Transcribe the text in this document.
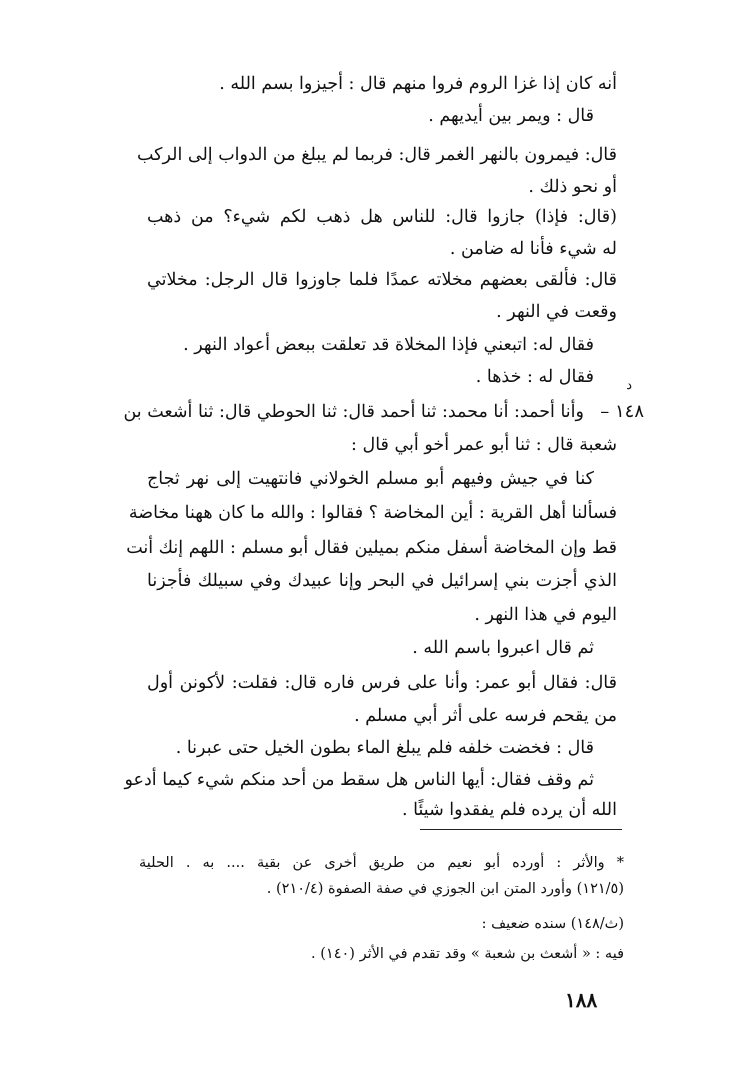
أنه كان إذا غزا الروم فروا منهم قال : أجيزوا بسم الله .
قال : ويمر بين أيديهم .
قال: فيمرون بالنهر الغمر قال: فربما لم يبلغ من الدواب إلى الركب
أو نحو ذلك .
(قال: فإذا) جازوا قال: للناس هل ذهب لكم شيء؟ من ذهب
له شيء فأنا له ضامن .
قال: فألقى بعضهم مخلاته عمدًا فلما جاوزوا قال الرجل: مخلاتي
وقعت في النهر .
فقال له: اتبعني فإذا المخلاة قد تعلقت ببعض أعواد النهر .
فقال له : خذها . د
١٤٨ –
وأنا أحمد: أنا محمد: ثنا أحمد قال: ثنا الحوطي قال: ثنا أشعث بن
شعبة قال : ثنا أبو عمر أخو أبي قال :
كنا في جيش وفيهم أبو مسلم الخولاني فانتهيت إلى نهر ثجاج
فسألنا أهل القرية : أين المخاضة ؟ فقالوا : والله ما كان ههنا مخاضة
قط وإن المخاضة أسفل منكم بميلين فقال أبو مسلم : اللهم إنك أنت
الذي أجزت بني إسرائيل في البحر وإنا عبيدك وفي سبيلك فأجزنا
اليوم في هذا النهر .
ثم قال اعبروا باسم الله .
قال: فقال أبو عمر: وأنا على فرس فاره قال: فقلت: لأكونن أول
من يقحم فرسه على أثر أبي مسلم .
قال : فخضت خلفه فلم يبلغ الماء بطون الخيل حتى عبرنا .
ثم وقف فقال: أيها الناس هل سقط من أحد منكم شيء كيما أدعو
الله أن يرده فلم يفقدوا شيئًا .
* والأثر : أورده أبو نعيم من طريق أخرى عن بقية .... به . الحلية
(١٢١/٥) وأورد المتن ابن الجوزي في صفة الصفوة (٢١٠/٤) .
(ث/١٤٨) سنده ضعيف :
فيه : « أشعث بن شعبة » وقد تقدم في الأثر (١٤٠) .
١٨٨
